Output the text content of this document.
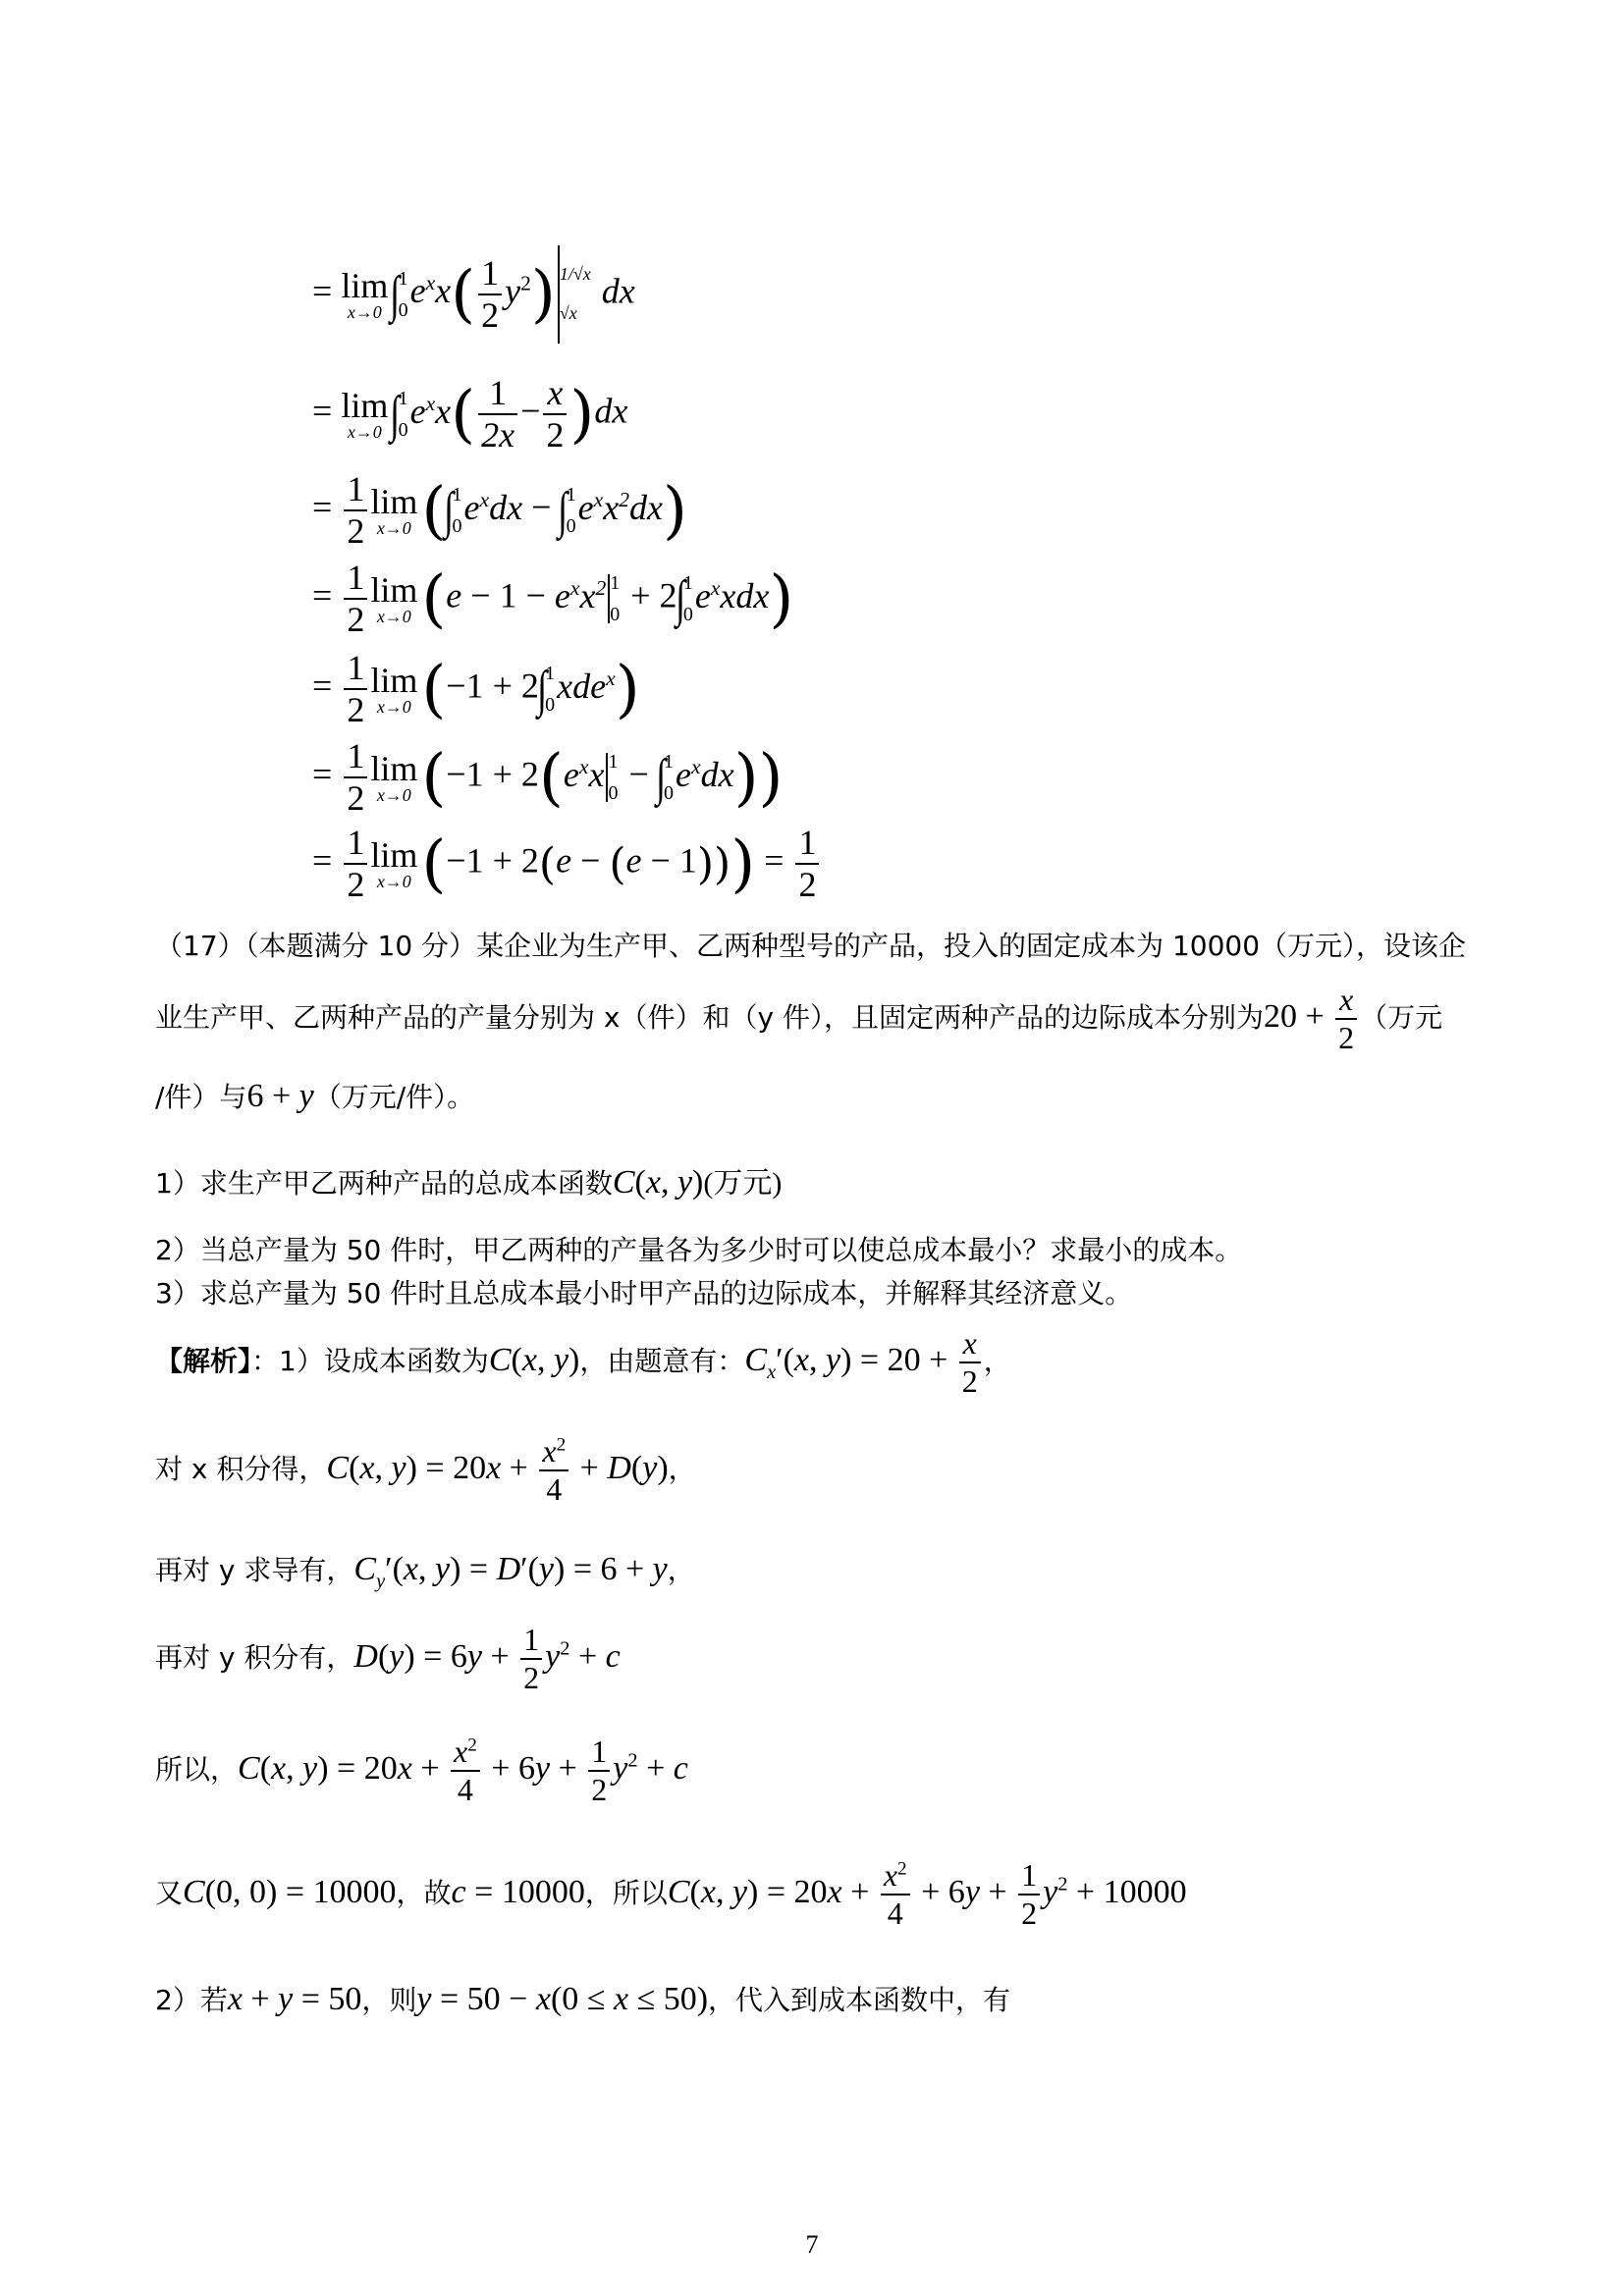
= lim
x→0 ∫
1
0 $e^xx( \frac{1}{2} y^2)$ 1/√x
√x
dx
= lim
x→0 ∫
1
0 $e^xx( \frac{1}{2x} - \frac{x}{2} )dx$
= $\frac{1}{2}$ lim
x→0 (∫
1
0 $e^xdx$ − ∫
1
0 $e^xx^2dx$)
= $\frac{1}{2}$ lim
x→0 ($e - 1 - e^xx^2$ 1
0 + 2∫
1
0 $e^xxdx$)
= $\frac{1}{2}$ lim
x→0 (−1 + 2∫
1
0 xde$^x$)
= $\frac{1}{2}$ lim
x→0 ($-1 + 2(e^xx$ 1
0 − ∫
1
0 $e^xdx$))
= $\frac{1}{2}$ lim
x→0 $(-1 + 2(e - (e - 1))) = \frac{1}{2}$
（17）（本题满分 10 分）某企业为生产甲、乙两种型号的产品，投入的固定成本为 10000（万元），设该企
业生产甲、乙两种产品的产量分别为 x（件）和（y 件），且固定两种产品的边际成本分别为$20 + \frac{x}{2}$ （万元
/件）与6 + y（万元/件）。
1）求生产甲乙两种产品的总成本函数C(x, y)(万元)
2）当总产量为 50 件时，甲乙两种的产量各为多少时可以使总成本最小？求最小的成本。
3）求总产量为 50 件时且总成本最小时甲产品的边际成本，并解释其经济意义。
【解析】：1）设成本函数为C(x, y)，由题意有：$C_x'(x$, $y) = 20 + \frac{x}{2}$ ，
对 x 积分得，C(x, $y) = 20x + \frac{x^2}{4} + D(y)$，
再对 y 求导有，$C_y'(x$, y) = D′(y) = 6 + y，
再对 y 积分有，$D(y) = 6y + \frac{1}{2} y^2 + c$
所以，C(x, $y) = 20x + \frac{x^2}{4} + 6y + \frac{1}{2} y^2 + c$
又C(0, 0) = 10000，故c = 10000，所以C(x, $y) = 20x + \frac{x^2}{4} + 6y + \frac{1}{2} y^2 + 10000$
2）若x + y = 50，则y = 50 − x(0 ≤ x ≤ 50)，代入到成本函数中，有
7
